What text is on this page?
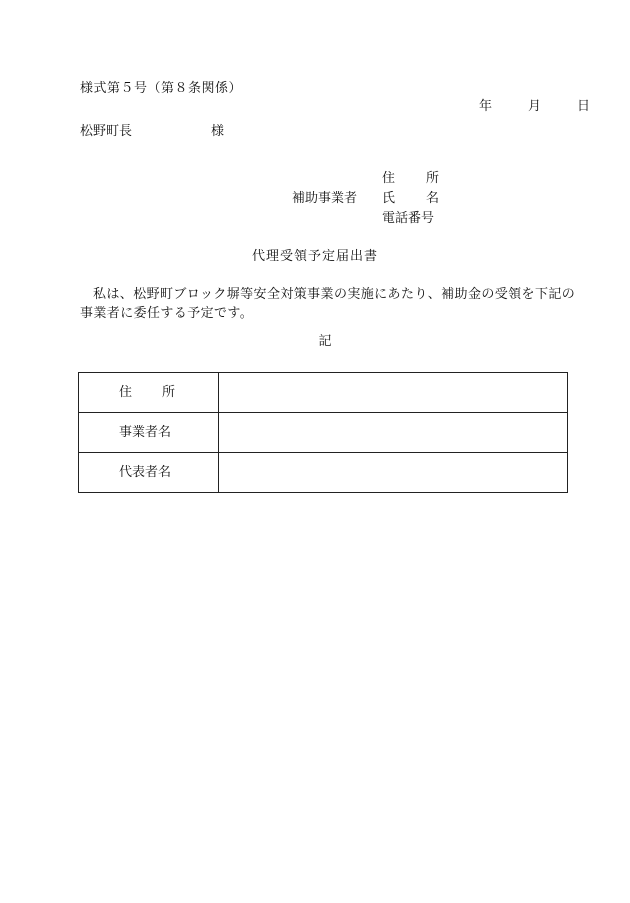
様式第５号（第８条関係）
年	月	日
松野町長	様
補助事業者
住 所
氏 名
電話番号
代理受領予定届出書
私は、松野町ブロック塀等安全対策事業の実施にあたり、補助金の受領を下記の事業者に委任する予定です。
記
住 所	
事業者名	
代表者名	
